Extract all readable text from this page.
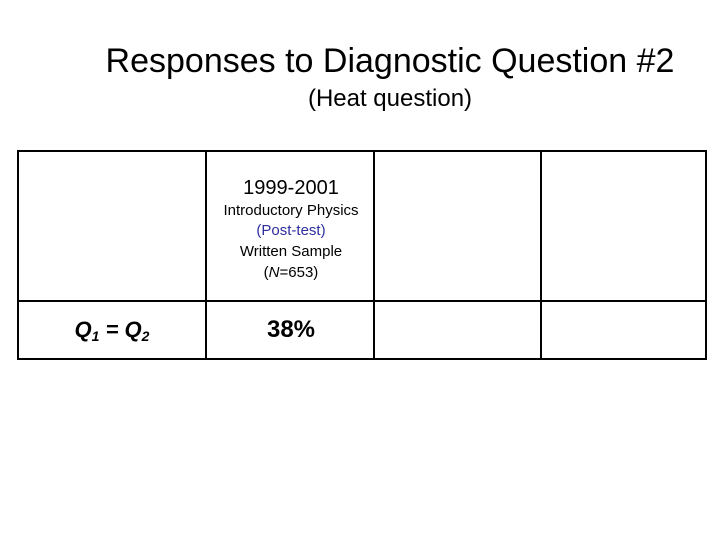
Responses to Diagnostic Question #2
(Heat question)
1999-2001
Introductory Physics
(Post-test)
Written Sample
(N=653)
$Q_1 = Q_2$	38%
